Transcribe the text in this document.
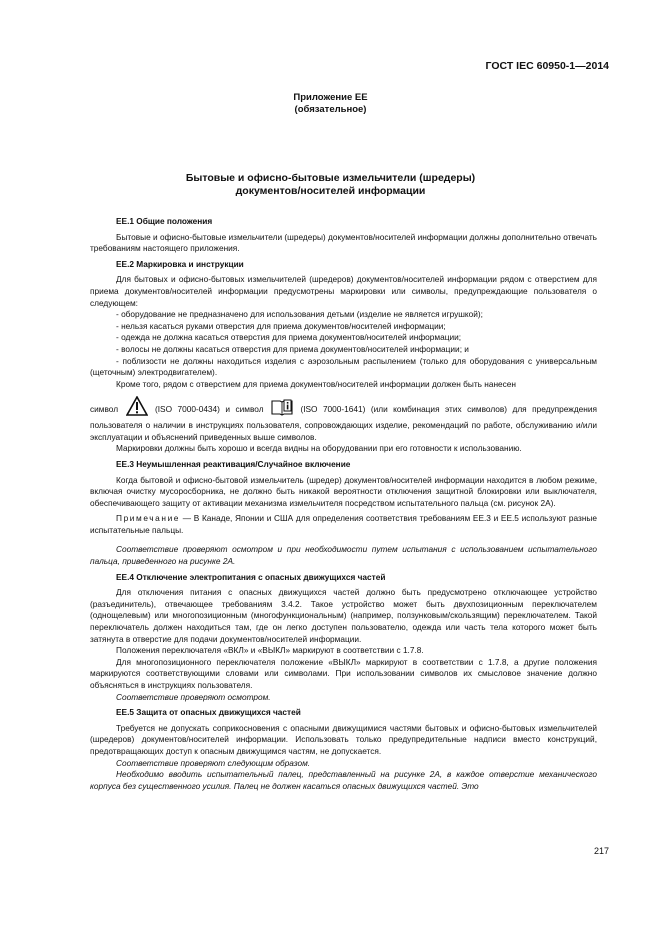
ГОСТ IEC 60950-1—2014
Приложение ЕЕ
(обязательное)
Бытовые и офисно-бытовые измельчители (шредеры)
документов/носителей информации

ЕЕ.1 Общие положения

Бытовые и офисно-бытовые измельчители (шредеры) документов/носителей информации должны дополнительно отвечать требованиям настоящего приложения.

ЕЕ.2 Маркировка и инструкции

Для бытовых и офисно-бытовых измельчителей (шредеров) документов/носителей информации рядом с отверстием для приема документов/носителей информации предусмотрены маркировки или символы, предупреждающие пользователя о следующем:

- оборудование не предназначено для использования детьми (изделие не является игрушкой);

- нельзя касаться руками отверстия для приема документов/носителей информации;

- одежда не должна касаться отверстия для приема документов/носителей информации;

- волосы не должны касаться отверстия для приема документов/носителей информации; и

- поблизости не должны находиться изделия с аэрозольным распылением (только для оборудования с универсальным (щеточным) электродвигателем).

Кроме того, рядом с отверстием для приема документов/носителей информации должен быть нанесен

символ	(ISO 7000-0434) и символ	(ISO 7000-1641) (или комбинация этих символов) для предупреждения пользователя о наличии в инструкциях пользователя, сопровождающих изделие, рекомендаций по работе, обслуживанию и/или эксплуатации и объяснений приведенных выше символов.

Маркировки должны быть хорошо и всегда видны на оборудовании при его готовности к использованию.

ЕЕ.3 Неумышленная реактивация/Случайное включение

Когда бытовой и офисно-бытовой измельчитель (шредер) документов/носителей информации находится в любом режиме, включая очистку мусоросборника, не должно быть никакой вероятности отключения защитной блокировки или выключателя, обеспечивающего защиту от активации механизма измельчителя посредством испытательного пальца (см. рисунок 2А).

Примечание — В Канаде, Японии и США для определения соответствия требованиям ЕЕ.3 и ЕЕ.5 используют разные испытательные пальцы.

Соответствие проверяют осмотром и при необходимости путем испытания с использованием испытательного пальца, приведенного на рисунке 2А.

ЕЕ.4 Отключение электропитания с опасных движущихся частей

Для отключения питания с опасных движущихся частей должно быть предусмотрено отключающее устройство (разъединитель), отвечающее требованиям 3.4.2. Такое устройство может быть двухпозиционным переключателем (однощелевым) или многопозиционным (многофункциональным) (например, ползунковым/скользящим) переключателем. Такой переключатель должен находиться там, где он легко доступен пользователю, одежда или часть тела которого может быть затянута в отверстие для подачи документов/носителей информации.

Положения переключателя «ВКЛ» и «ВЫКЛ» маркируют в соответствии с 1.7.8.

Для многопозиционного переключателя положение «ВЫКЛ» маркируют в соответствии с 1.7.8, а другие положения маркируются соответствующими словами или символами. При использовании символов их смысловое значение должно объясняться в инструкциях пользователя.

Соответствие проверяют осмотром.

ЕЕ.5 Защита от опасных движущихся частей

Требуется не допускать соприкосновения с опасными движущимися частями бытовых и офисно-бытовых измельчителей (шредеров) документов/носителей информации. Использовать только предупредительные надписи вместо конструкций, предотвращающих доступ к опасным движущимся частям, не допускается.

Соответствие проверяют следующим образом.

Необходимо вводить испытательный палец, представленный на рисунке 2А, в каждое отверстие механического корпуса без существенного усилия. Палец не должен касаться опасных движущихся частей. Это

217
